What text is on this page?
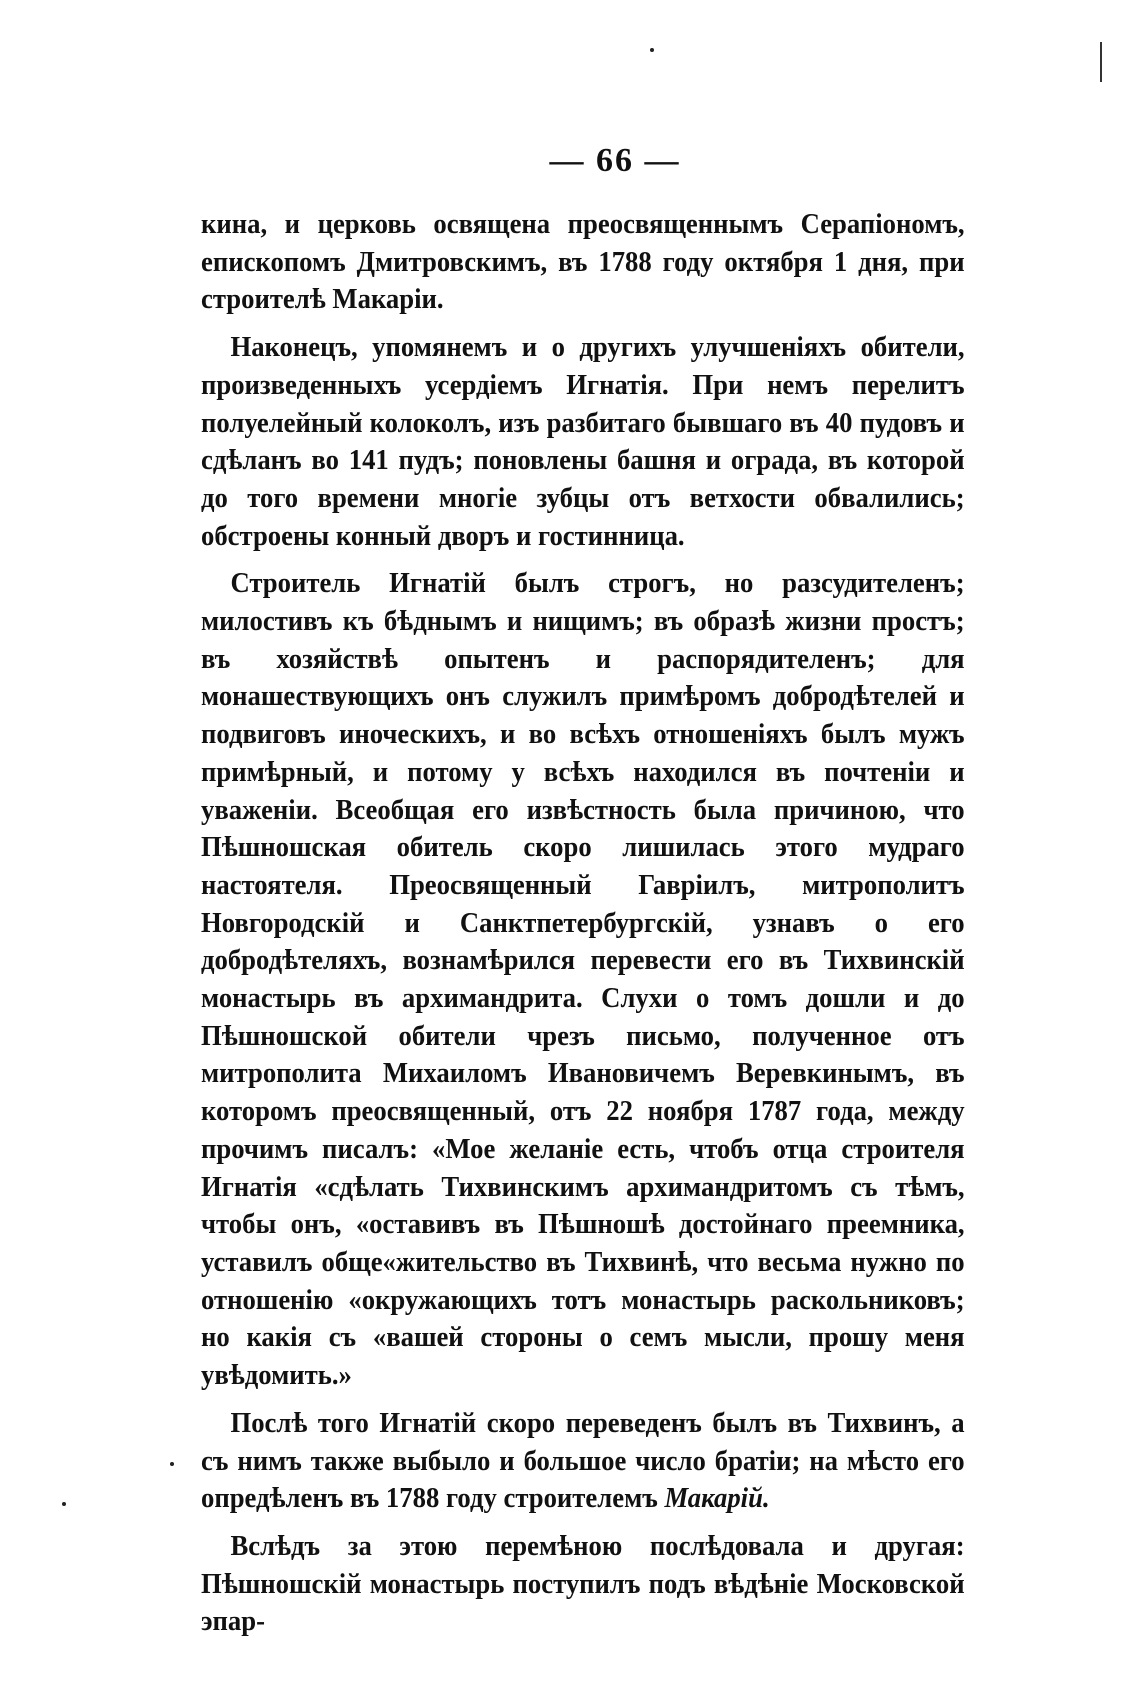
— 66 —

кина, и церковь освящена преосвященнымъ Серапіономъ, епископомъ Дмитровскимъ, въ 1788 году октября 1 дня, при строителѣ Макаріи.

Наконецъ, упомянемъ и о другихъ улучшеніяхъ обители, произведенныхъ усердіемъ Игнатія. При немъ перелитъ полуелейный колоколъ, изъ разбитаго бывшаго въ 40 пудовъ и сдѣланъ во 141 пудъ; поновлены башня и ограда, въ которой до того времени многіе зубцы отъ ветхости обвалились; обстроены конный дворъ и гостинница.

Строитель Игнатій былъ строгъ, но разсудителенъ; милостивъ къ бѣднымъ и нищимъ; въ образѣ жизни простъ; въ хозяйствѣ опытенъ и распорядителенъ; для монашествующихъ онъ служилъ примѣромъ добродѣтелей и подвиговъ иноческихъ, и во всѣхъ отношеніяхъ былъ мужъ примѣрный, и потому у всѣхъ находился въ почтеніи и уваженіи. Всеобщая его извѣстность была причиною, что Пѣшношская обитель скоро лишилась этого мудраго настоятеля. Преосвященный Гавріилъ, митрополитъ Новгородскій и Санктпетербургскій, узнавъ о его добродѣтеляхъ, вознамѣрился перевести его въ Тихвинскій монастырь въ архимандрита. Слухи о томъ дошли и до Пѣшношской обители чрезъ письмо, полученное отъ митрополита Михаиломъ Ивановичемъ Веревкинымъ, въ которомъ преосвященный, отъ 22 ноября 1787 года, между прочимъ писалъ: «Мое желаніе есть, чтобъ отца строителя Игнатія «сдѣлать Тихвинскимъ архимандритомъ съ тѣмъ, чтобы онъ, «оставивъ въ Пѣшношѣ достойнаго преемника, уставилъ обще«жительство въ Тихвинѣ, что весьма нужно по отношенію «окружающихъ тотъ монастырь раскольниковъ; но какія съ «вашей стороны о семъ мысли, прошу меня увѣдомить.»

Послѣ того Игнатій скоро переведенъ былъ въ Тихвинъ, а съ нимъ также выбыло и большое число братіи; на мѣсто его опредѣленъ въ 1788 году строителемъ Макарій.

Вслѣдъ за этою перемѣною послѣдовала и другая: Пѣшношскій монастырь поступилъ подъ вѣдѣніе Московской эпар-
